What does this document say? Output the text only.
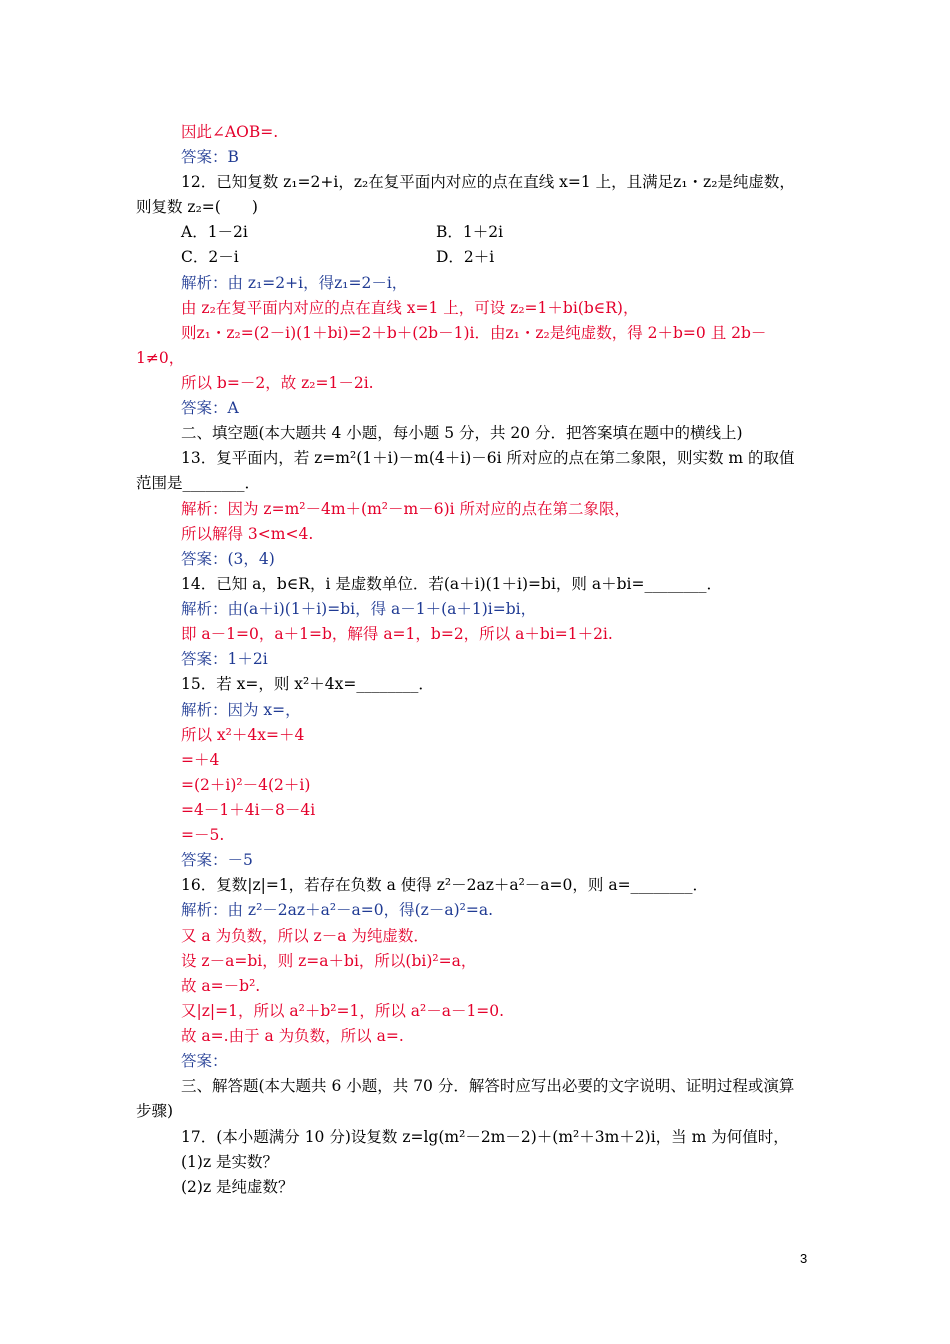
因此∠AOB=.
答案：B
12．已知复数 z₁=2+i，z₂在复平面内对应的点在直线 x=1 上，且满足z₁・z₂是纯虚数，
则复数 z₂=(　　)
A．1－2i	B．1＋2i
C．2－i	D．2＋i
解析：由 z₁=2+i，得z₁=2－i，
由 z₂在复平面内对应的点在直线 x=1 上，可设 z₂=1＋bi(b∈R)，
则z₁・z₂=(2－i)(1＋bi)=2＋b＋(2b－1)i．由z₁・z₂是纯虚数，得 2＋b=0 且 2b－
1≠0，
所以 b=－2，故 z₂=1－2i.
答案：A
二、填空题(本大题共 4 小题，每小题 5 分，共 20 分．把答案填在题中的横线上)
13．复平面内，若 z=m²(1＋i)－m(4＋i)－6i 所对应的点在第二象限，则实数 m 的取值
范围是________．
解析：因为 z=m²－4m＋(m²－m－6)i 所对应的点在第二象限，
所以解得 3<m<4.
答案：(3，4)
14．已知 a，b∈R，i 是虚数单位．若(a＋i)(1＋i)=bi，则 a＋bi=________．
解析：由(a＋i)(1＋i)=bi，得 a－1＋(a＋1)i=bi，
即 a－1=0，a＋1=b，解得 a=1，b=2，所以 a＋bi=1＋2i.
答案：1＋2i
15．若 x=，则 x²＋4x=________．
解析：因为 x=，
所以 x²＋4x=＋4
=＋4
=(2＋i)²－4(2＋i)
=4－1＋4i－8－4i
=－5.
答案：－5
16．复数|z|=1，若存在负数 a 使得 z²－2az＋a²－a=0，则 a=________．
解析：由 z²－2az＋a²－a=0，得(z－a)²=a.
又 a 为负数，所以 z－a 为纯虚数．
设 z－a=bi，则 z=a＋bi，所以(bi)²=a，
故 a=－b².
又|z|=1，所以 a²＋b²=1，所以 a²－a－1=0.
故 a=.由于 a 为负数，所以 a=.
答案：
三、解答题(本大题共 6 小题，共 70 分．解答时应写出必要的文字说明、证明过程或演算
步骤)
17．(本小题满分 10 分)设复数 z=lg(m²－2m－2)＋(m²＋3m＋2)i，当 m 为何值时，
(1)z 是实数？
(2)z 是纯虚数？
3
